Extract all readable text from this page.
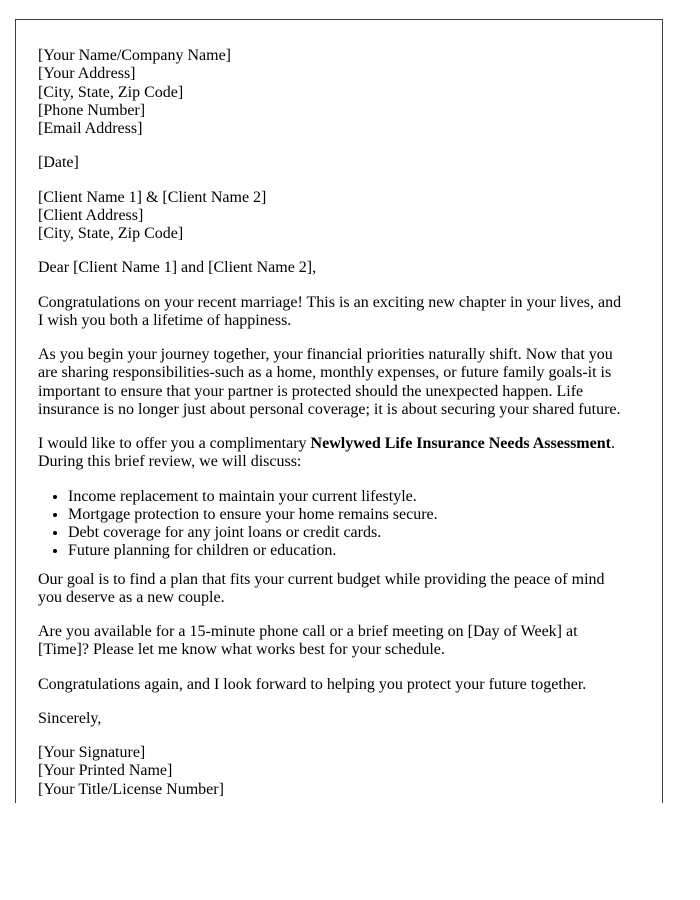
[Your Name/Company Name]
[Your Address]
[City, State, Zip Code]
[Phone Number]
[Email Address]

[Date]

[Client Name 1] & [Client Name 2]
[Client Address]
[City, State, Zip Code]

Dear [Client Name 1] and [Client Name 2],

Congratulations on your recent marriage! This is an exciting new chapter in your lives, and I wish you both a lifetime of happiness.

As you begin your journey together, your financial priorities naturally shift. Now that you are sharing responsibilities-such as a home, monthly expenses, or future family goals-it is important to ensure that your partner is protected should the unexpected happen. Life insurance is no longer just about personal coverage; it is about securing your shared future.

I would like to offer you a complimentary Newlywed Life Insurance Needs Assessment. During this brief review, we will discuss:

• Income replacement to maintain your current lifestyle.
• Mortgage protection to ensure your home remains secure.
• Debt coverage for any joint loans or credit cards.
• Future planning for children or education.

Our goal is to find a plan that fits your current budget while providing the peace of mind you deserve as a new couple.

Are you available for a 15-minute phone call or a brief meeting on [Day of Week] at [Time]? Please let me know what works best for your schedule.

Congratulations again, and I look forward to helping you protect your future together.

Sincerely,

[Your Signature]
[Your Printed Name]
[Your Title/License Number]
